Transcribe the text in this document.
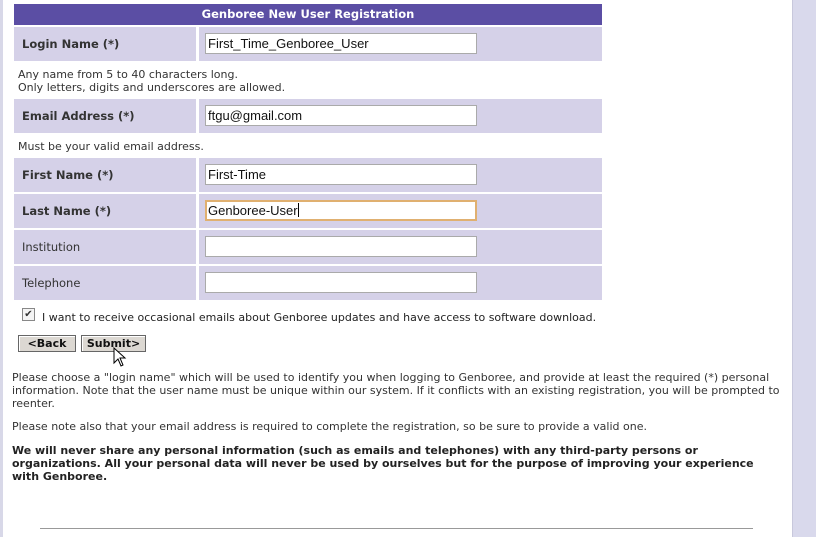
Genboree New User Registration
Login Name (*)	First_Time_Genboree_User
Any name from 5 to 40 characters long.
Only letters, digits and underscores are allowed.
Email Address (*)	ftgu@gmail.com
Must be your valid email address.
First Name (*)	First-Time
Last Name (*)	Genboree-User
Institution
Telephone
✔ I want to receive occasional emails about Genboree updates and have access to software download.
<Back	Submit>
Please choose a "login name" which will be used to identify you when logging to Genboree, and provide at least the required (*) personal information. Note that the user name must be unique within our system. If it conflicts with an existing registration, you will be prompted to reenter.
Please note also that your email address is required to complete the registration, so be sure to provide a valid one.
We will never share any personal information (such as emails and telephones) with any third-party persons or organizations. All your personal data will never be used by ourselves but for the purpose of improving your experience with Genboree.
